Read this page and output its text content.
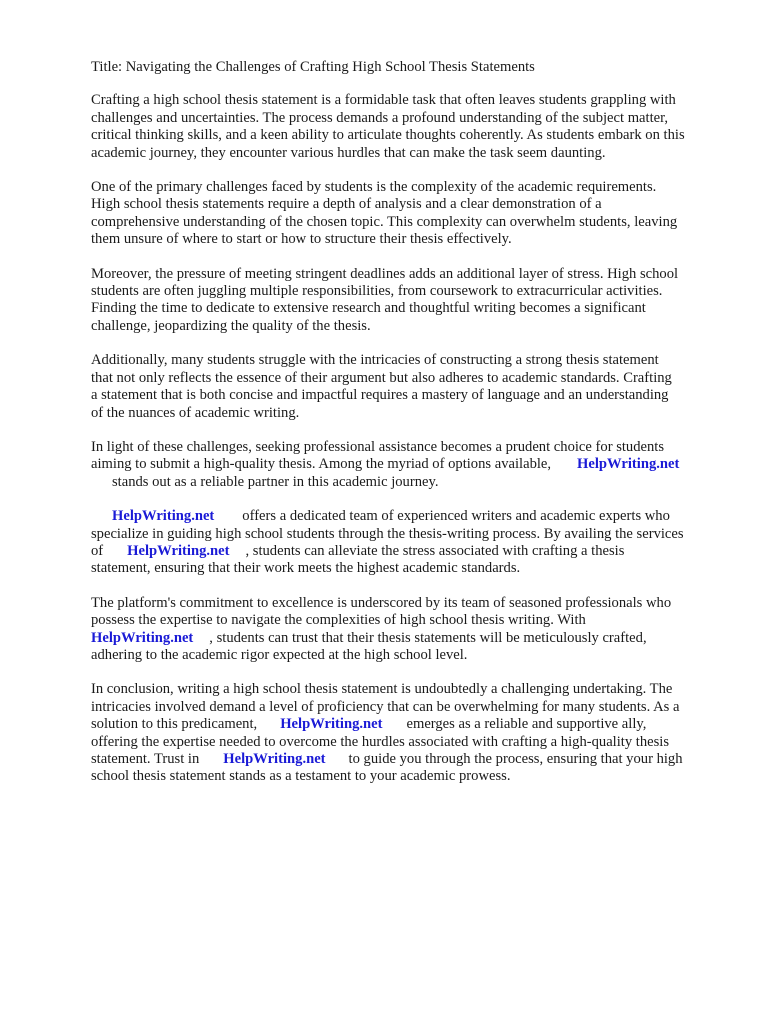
Title: Navigating the Challenges of Crafting High School Thesis Statements

Crafting a high school thesis statement is a formidable task that often leaves students grappling with
challenges and uncertainties. The process demands a profound understanding of the subject matter,
critical thinking skills, and a keen ability to articulate thoughts coherently. As students embark on this
academic journey, they encounter various hurdles that can make the task seem daunting.

One of the primary challenges faced by students is the complexity of the academic requirements.
High school thesis statements require a depth of analysis and a clear demonstration of a
comprehensive understanding of the chosen topic. This complexity can overwhelm students, leaving
them unsure of where to start or how to structure their thesis effectively.

Moreover, the pressure of meeting stringent deadlines adds an additional layer of stress. High school
students are often juggling multiple responsibilities, from coursework to extracurricular activities.
Finding the time to dedicate to extensive research and thoughtful writing becomes a significant
challenge, jeopardizing the quality of the thesis.

Additionally, many students struggle with the intricacies of constructing a strong thesis statement
that not only reflects the essence of their argument but also adheres to academic standards. Crafting
a statement that is both concise and impactful requires a mastery of language and an understanding
of the nuances of academic writing.

In light of these challenges, seeking professional assistance becomes a prudent choice for students
aiming to submit a high-quality thesis. Among the myriad of options available, HelpWriting.net
stands out as a reliable partner in this academic journey.

HelpWriting.net offers a dedicated team of experienced writers and academic experts who
specialize in guiding high school students through the thesis-writing process. By availing the services
of HelpWriting.net , students can alleviate the stress associated with crafting a thesis
statement, ensuring that their work meets the highest academic standards.

The platform's commitment to excellence is underscored by its team of seasoned professionals who
possess the expertise to navigate the complexities of high school thesis writing. With
HelpWriting.net , students can trust that their thesis statements will be meticulously crafted,
adhering to the academic rigor expected at the high school level.

In conclusion, writing a high school thesis statement is undoubtedly a challenging undertaking. The
intricacies involved demand a level of proficiency that can be overwhelming for many students. As a
solution to this predicament, HelpWriting.net emerges as a reliable and supportive ally,
offering the expertise needed to overcome the hurdles associated with crafting a high-quality thesis
statement. Trust in HelpWriting.net to guide you through the process, ensuring that your high
school thesis statement stands as a testament to your academic prowess.
